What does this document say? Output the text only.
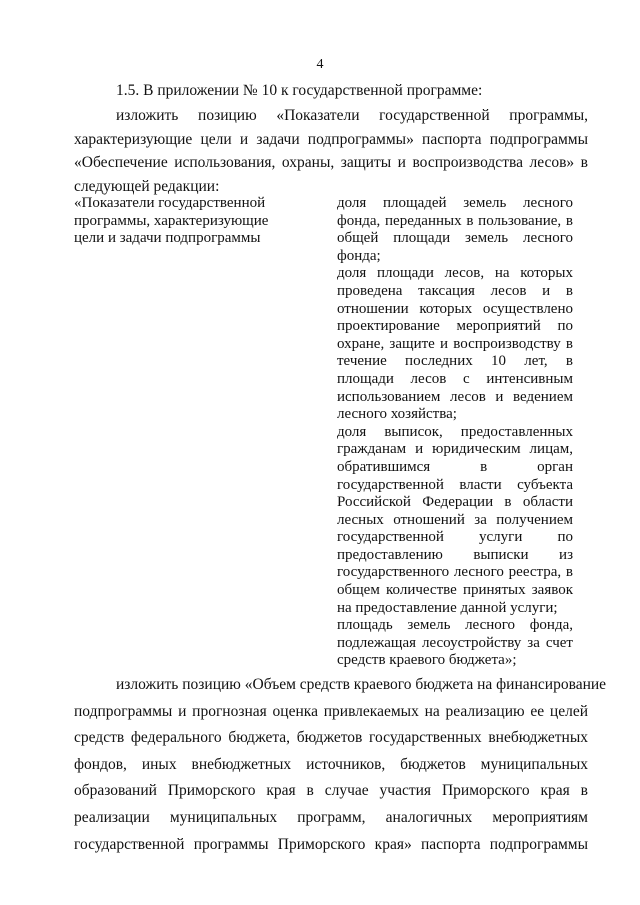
4
1.5. В приложении № 10 к государственной программе:
изложить позицию «Показатели государственной программы,
характеризующие цели и задачи подпрограммы» паспорта подпрограммы
«Обеспечение использования, охраны, защиты и воспроизводства лесов» в
следующей редакции:
«Показатели государственной
программы, характеризующие
цели и задачи подпрограммы
доля площадей земель лесного
фонда, переданных в пользование, в
общей площади земель лесного
фонда;
доля площади лесов, на которых
проведена таксация лесов и в
отношении которых осуществлено
проектирование мероприятий по
охране, защите и воспроизводству в
течение последних 10 лет, в
площади лесов с интенсивным
использованием лесов и ведением
лесного хозяйства;
доля выписок, предоставленных
гражданам и юридическим лицам,
обратившимся в орган
государственной власти субъекта
Российской Федерации в области
лесных отношений за получением
государственной услуги по
предоставлению выписки из
государственного лесного реестра, в
общем количестве принятых заявок
на предоставление данной услуги;
площадь земель лесного фонда,
подлежащая лесоустройству за счет
средств краевого бюджета»;
изложить позицию «Объем средств краевого бюджета на финансирование
подпрограммы и прогнозная оценка привлекаемых на реализацию ее целей
средств федерального бюджета, бюджетов государственных внебюджетных
фондов, иных внебюджетных источников, бюджетов муниципальных
образований Приморского края в случае участия Приморского края в
реализации муниципальных программ, аналогичных мероприятиям
государственной программы Приморского края» паспорта подпрограммы
